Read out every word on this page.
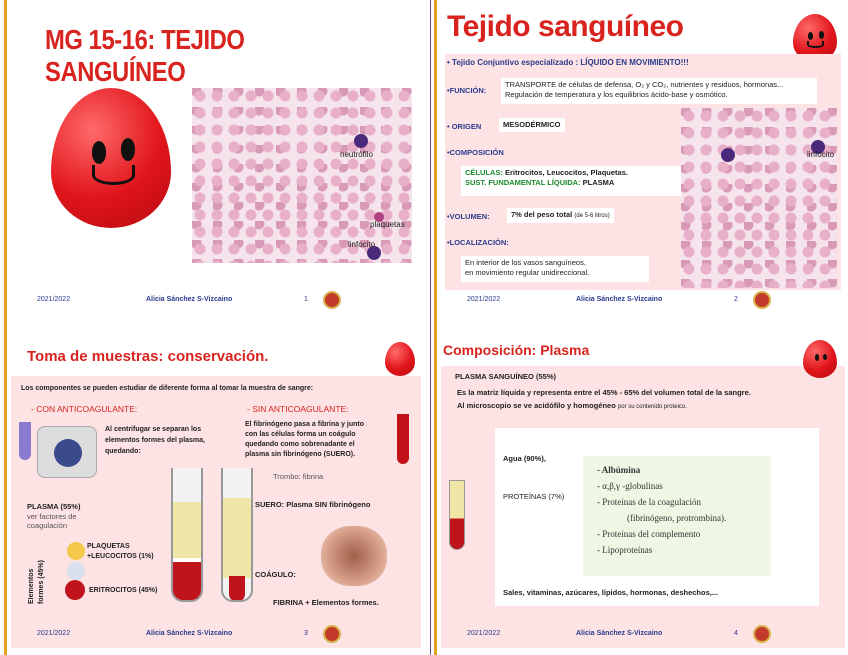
MG 15-16: TEJIDO SANGUÍNEO
neutrófilo
plaquetas
linfocito
2021/2022	Alicia Sánchez S-Vizcaino	1
Tejido sanguíneo
• Tejido Conjuntivo especializado : LÍQUIDO EN MOVIMIENTO!!!
•FUNCIÓN:
TRANSPORTE de células de defensa, O₂ y CO₂, nutrientes y residuos, hormonas...
Regulación de temperatura y los equilibrios ácido-base y osmótico.
• ORIGEN	MESODÉRMICO
•COMPOSICIÓN
CÉLULAS: Eritrocitos, Leucocitos, Plaquetas.
SUST. FUNDAMENTAL LÍQUIDA: PLASMA
•VOLUMEN:	7% del peso total (de 5-6 litros)
•LOCALIZACIÓN:
En interior de los vasos sanguíneos,
en movimiento regular unidireccional.
linfocito
2021/2022	Alicia Sánchez S-Vizcaino	2
Toma de muestras: conservación.
Los componentes se pueden estudiar de diferente forma al tomar la muestra de sangre:
- CON ANTICOAGULANTE:	- SIN ANTICOAGULANTE:
Al centrifugar se separan los elementos formes del plasma, quedando:
El fibrinógeno pasa a fibrina y junto con las células forma un coágulo quedando como sobrenadante el plasma sin fibrinógeno (SUERO).
Trombo: fibrina
PLASMA (55%)
ver factores de coagulación
Elementos formes (45%)
PLAQUETAS +LEUCOCITOS (1%)
ERITROCITOS (45%)
SUERO: Plasma SIN fibrinógeno
COÁGULO:
FIBRINA + Elementos formes.
2021/2022	Alicia Sánchez S-Vizcaino	3
Composición: Plasma
PLASMA SANGUÍNEO (55%)
Es la matriz líquida y representa entre el 45% - 65% del volumen total de la sangre.
Al microscopio se ve acidófilo y homogéneo por su contenido proteico.
Agua (90%),
PROTEÍNAS (7%)
- Albúmina
- α,β,γ -globulinas
- Proteínas de la coagulación
(fibrinógeno, protrombina).
- Proteínas del complemento
- Lipoproteínas
Sales, vitaminas, azúcares, lípidos, hormonas, deshechos,...
2021/2022	Alicia Sánchez S-Vizcaino	4
